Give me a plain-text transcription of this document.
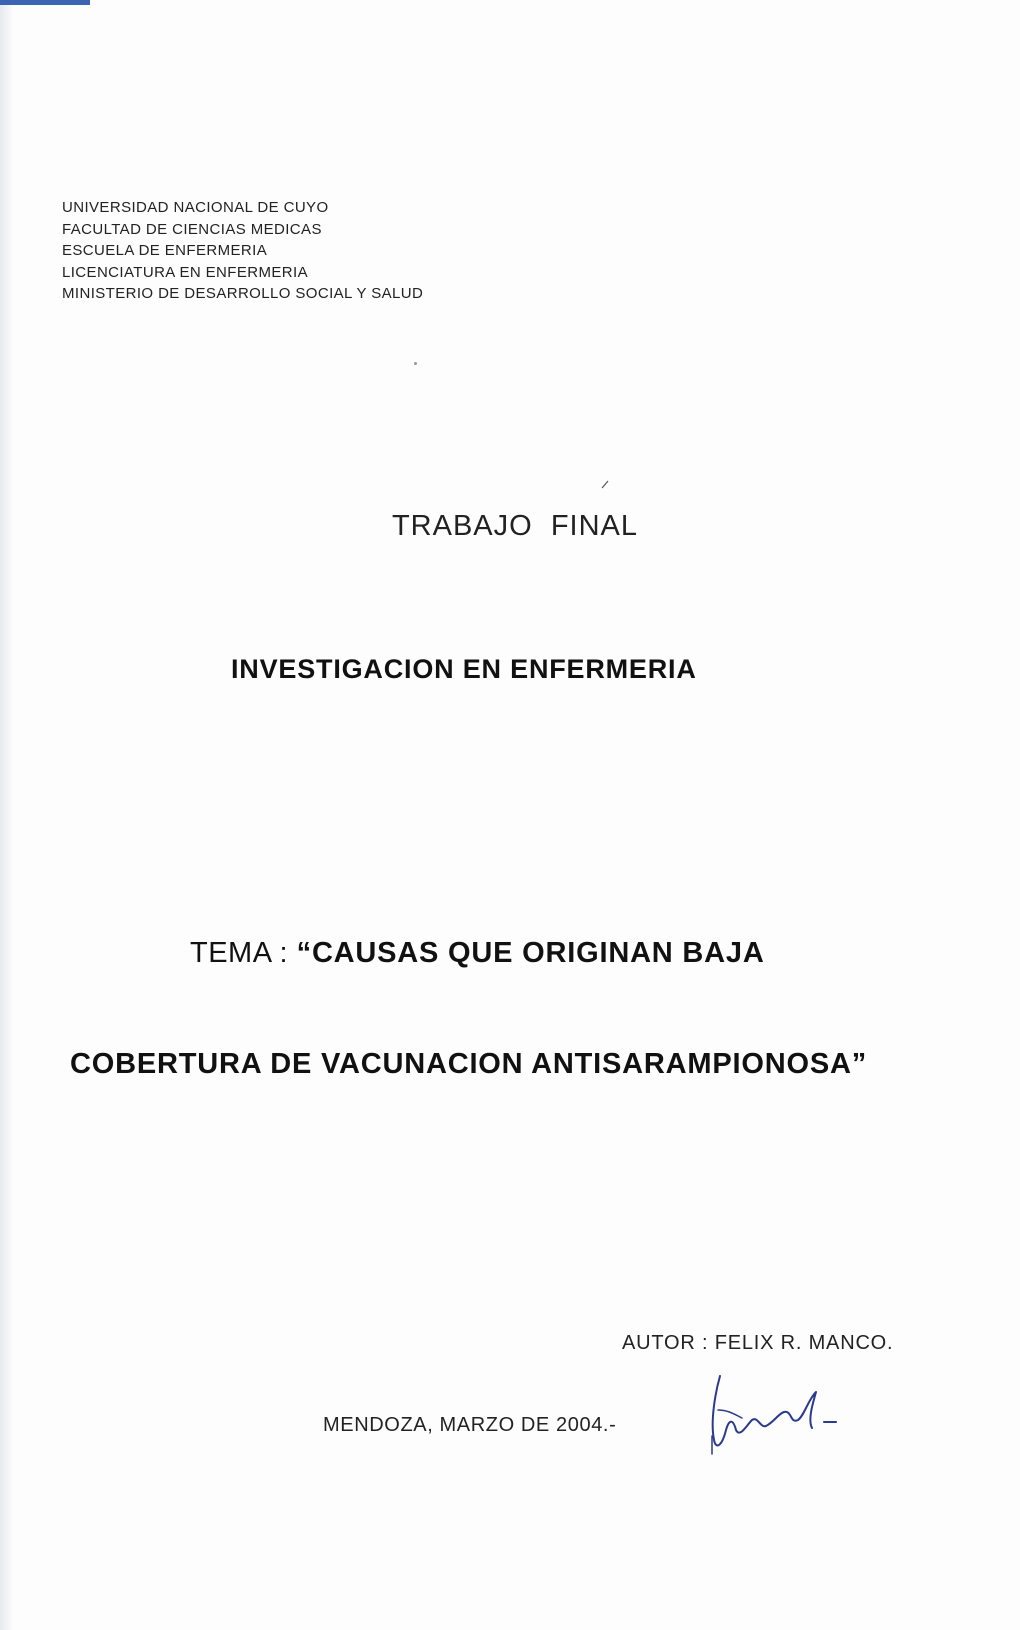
UNIVERSIDAD NACIONAL DE CUYO
FACULTAD DE CIENCIAS MEDICAS
ESCUELA DE ENFERMERIA
LICENCIATURA EN ENFERMERIA
MINISTERIO DE DESARROLLO SOCIAL Y SALUD
TRABAJO  FINAL
INVESTIGACION EN ENFERMERIA
TEMA : “CAUSAS QUE ORIGINAN BAJA
COBERTURA DE VACUNACION ANTISARAMPIONOSA”
AUTOR : FELIX R. MANCO.
MENDOZA, MARZO DE 2004.-
